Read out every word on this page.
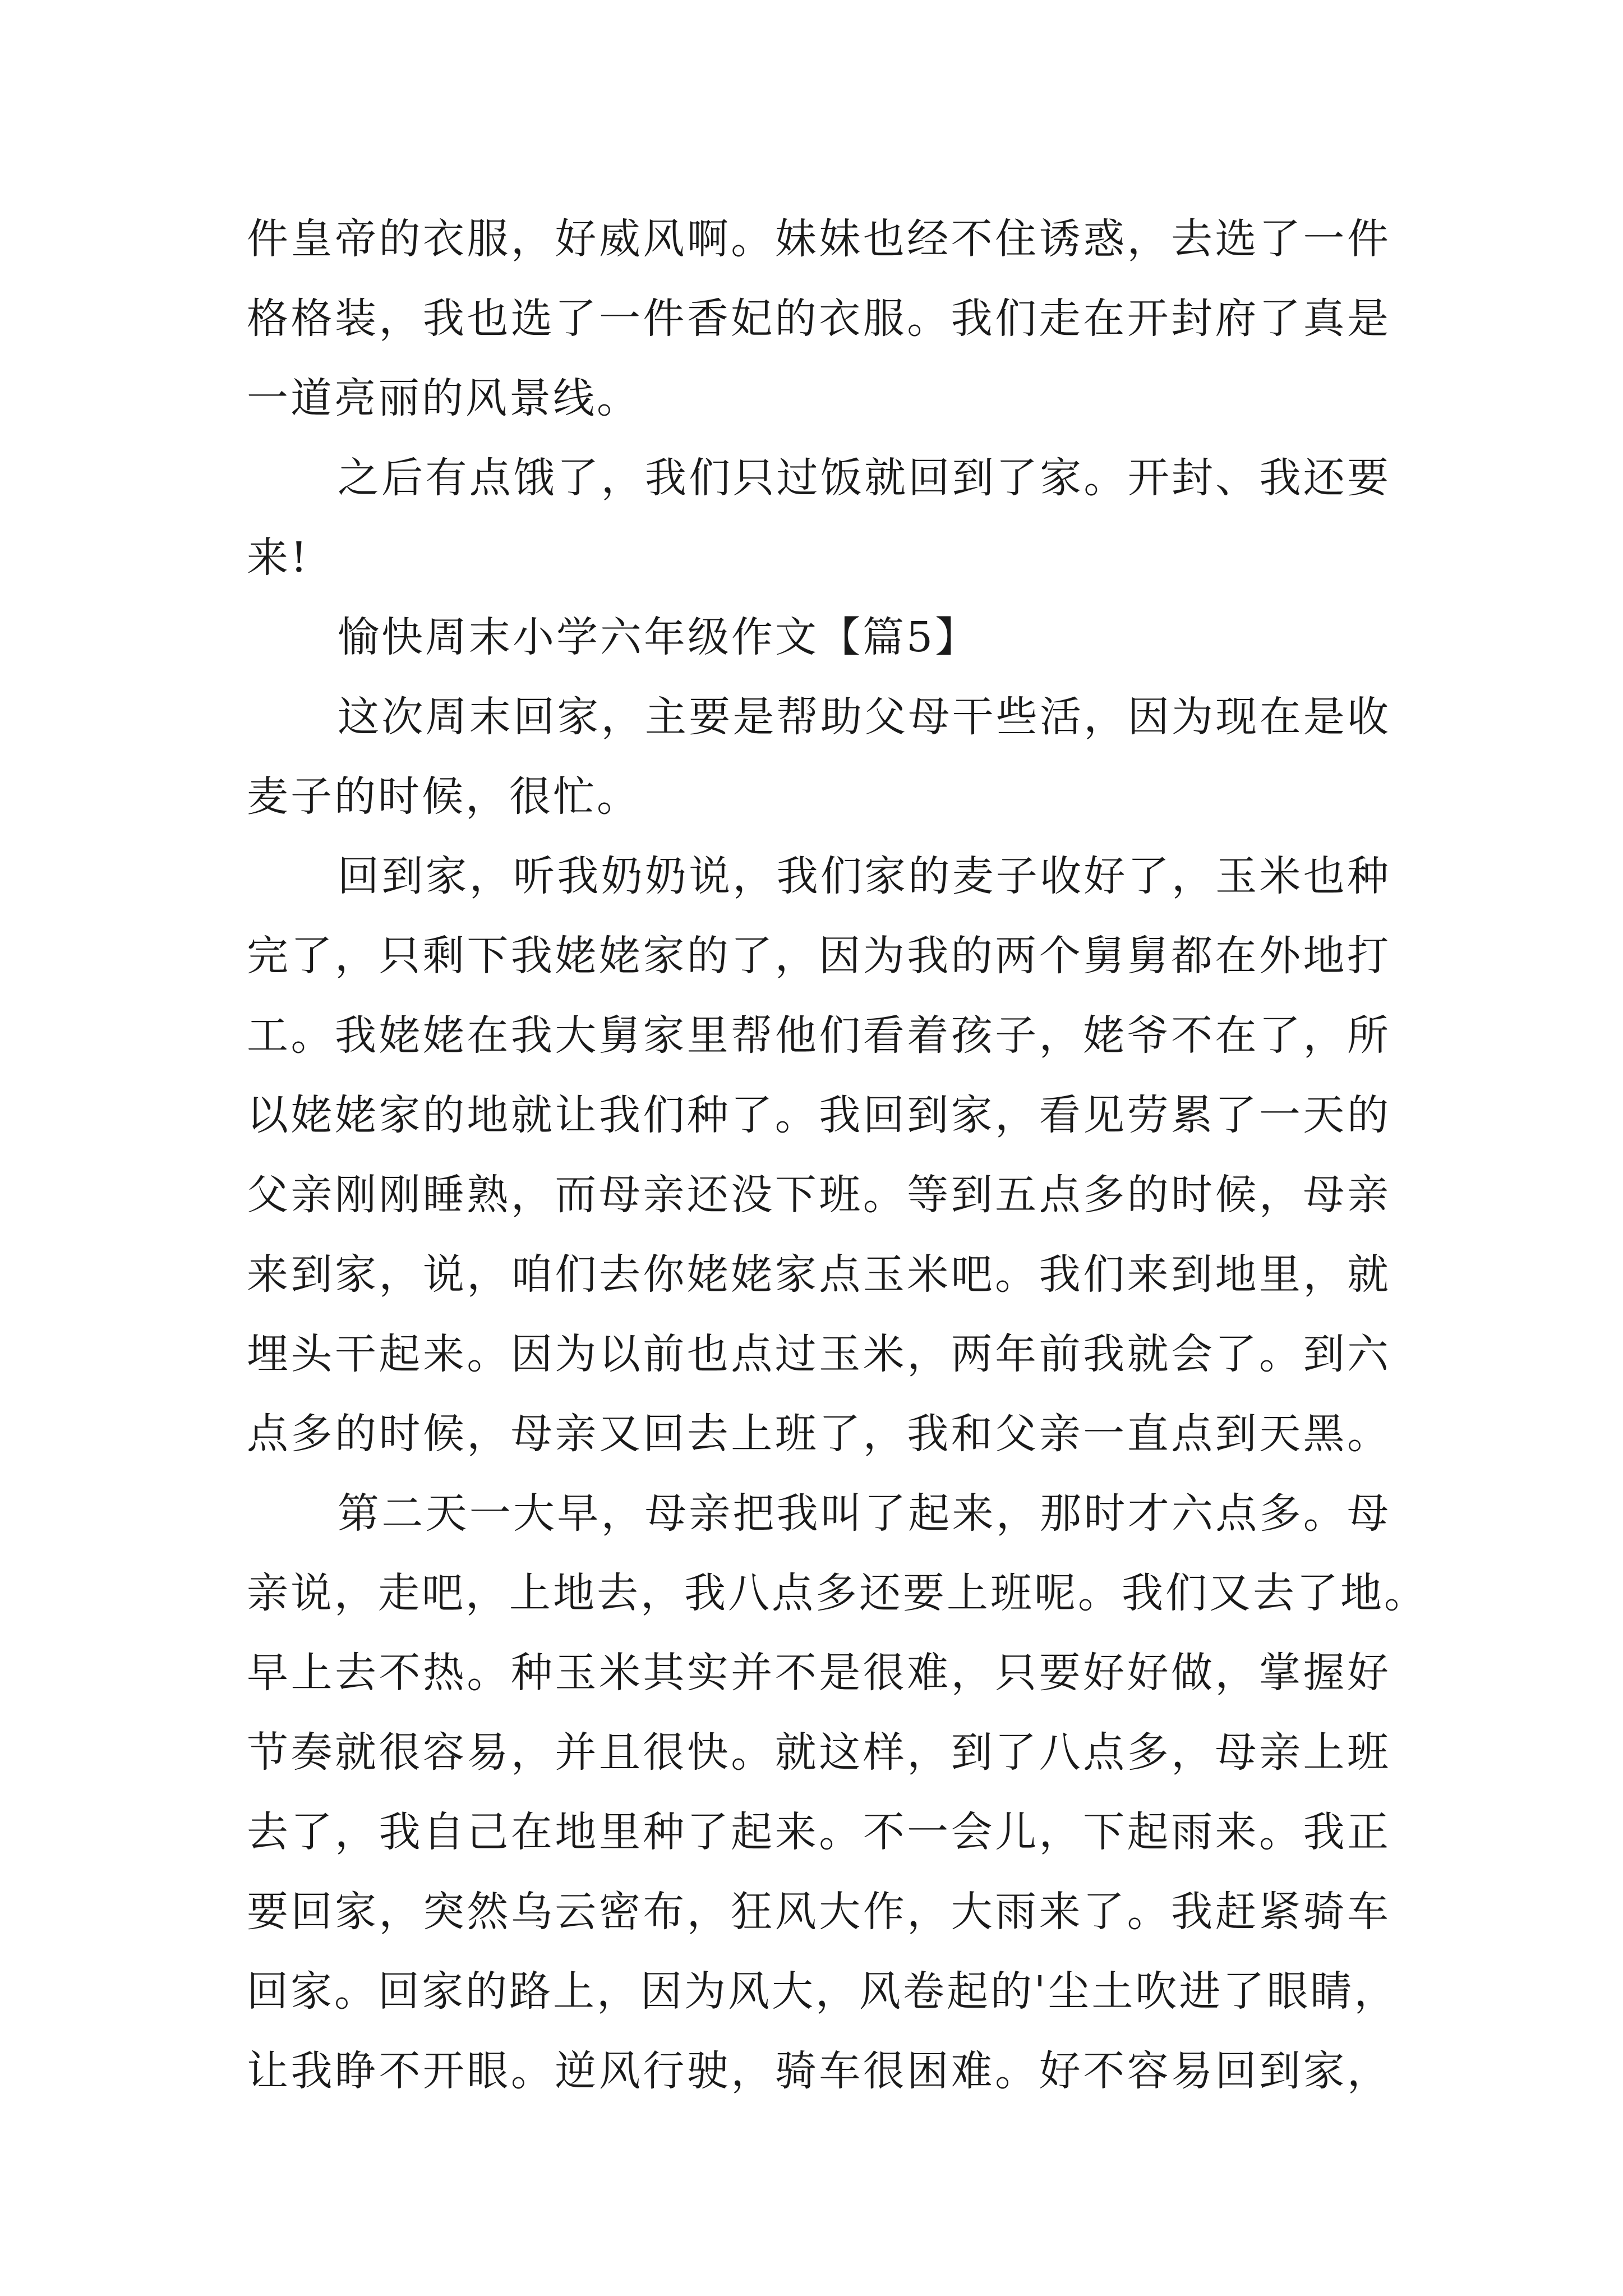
件皇帝的衣服，好威风啊。妹妹也经不住诱惑，去选了一件
格格装，我也选了一件香妃的衣服。我们走在开封府了真是
一道亮丽的风景线。
之后有点饿了，我们只过饭就回到了家。开封、我还要
来!
愉快周末小学六年级作文【篇5】
这次周末回家，主要是帮助父母干些活，因为现在是收
麦子的时候，很忙。
回到家，听我奶奶说，我们家的麦子收好了，玉米也种
完了，只剩下我姥姥家的了，因为我的两个舅舅都在外地打
工。我姥姥在我大舅家里帮他们看着孩子，姥爷不在了，所
以姥姥家的地就让我们种了。我回到家，看见劳累了一天的
父亲刚刚睡熟，而母亲还没下班。等到五点多的时候，母亲
来到家，说，咱们去你姥姥家点玉米吧。我们来到地里，就
埋头干起来。因为以前也点过玉米，两年前我就会了。到六
点多的时候，母亲又回去上班了，我和父亲一直点到天黑。
第二天一大早，母亲把我叫了起来，那时才六点多。母
亲说，走吧，上地去，我八点多还要上班呢。我们又去了地。
早上去不热。种玉米其实并不是很难，只要好好做，掌握好
节奏就很容易，并且很快。就这样，到了八点多，母亲上班
去了，我自己在地里种了起来。不一会儿，下起雨来。我正
要回家，突然乌云密布，狂风大作，大雨来了。我赶紧骑车
回家。回家的路上，因为风大，风卷起的'尘土吹进了眼睛，
让我睁不开眼。逆风行驶，骑车很困难。好不容易回到家，
